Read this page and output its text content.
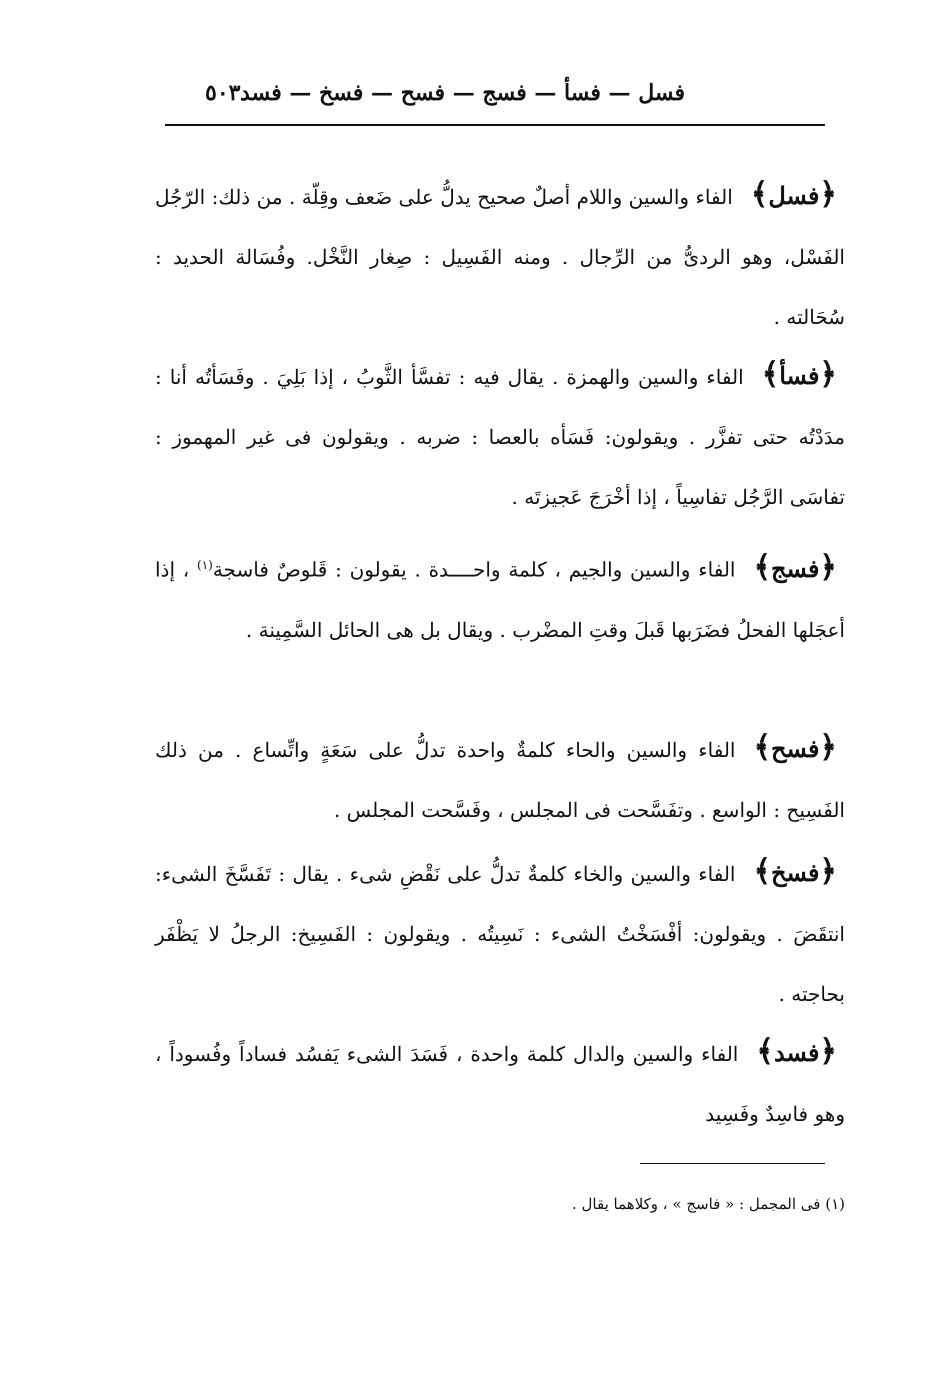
فسل — فسأ — فسج — فسح — فسخ — فسد
٥٠٣

﴿فسل﴾الفاء والسين واللام أصلٌ صحيح يدلُّ على ضَعف وقِلّة . من ذلك: الرّجُل الفَسْل، وهو الردىُّ من الرِّجال . ومنه الفَسِيل : صِغار النَّخْل. وفُسَالة الحديد : سُحَالته .

﴿فسأ﴾الفاء والسين والهمزة . يقال فيه : تفسَّأ الثَّوبُ ، إذا بَلِيَ . وفَسَأتُه أنا : مدَدْتُه حتى تفزَّر . ويقولون: فَسَأه بالعصا : ضربه . ويقولون فى غير المهموز : تفاسَى الرَّجُل تفاسِياً ، إذا أخْرَجَ عَجيزتَه .

﴿فسج﴾الفاء والسين والجيم ، كلمة واحــــدة . يقولون : قَلوصٌ فاسجة$^{(١)}$ ، إذا أعجَلها الفحلُ فضَرَبها قَبلَ وقتِ المضْرب . ويقال بل هى الحائل السَّمِينة .

﴿فسح﴾الفاء والسين والحاء كلمةٌ واحدة تدلُّ على سَعَةٍ واتِّساع . من ذلك الفَسِيح : الواسع . وتفَسَّحت فى المجلس ، وفَسَّحت المجلس .

﴿فسخ﴾الفاء والسين والخاء كلمةٌ تدلُّ على نَقْضِ شىء . يقال : تَفَسَّخَ الشىء: انتقَضَ . ويقولون: أفْسَخْتُ الشىء : نَسِيتُه . ويقولون : الفَسِيخ: الرجلُ لا يَظْفَر بحاجته .

﴿فسد﴾الفاء والسين والدال كلمة واحدة ، فَسَدَ الشىء يَفسُد فساداً وفُسوداً ، وهو فاسِدٌ وفَسِيد

(١) فى المجمل : « فاسج » ، وكلاهما يقال .
